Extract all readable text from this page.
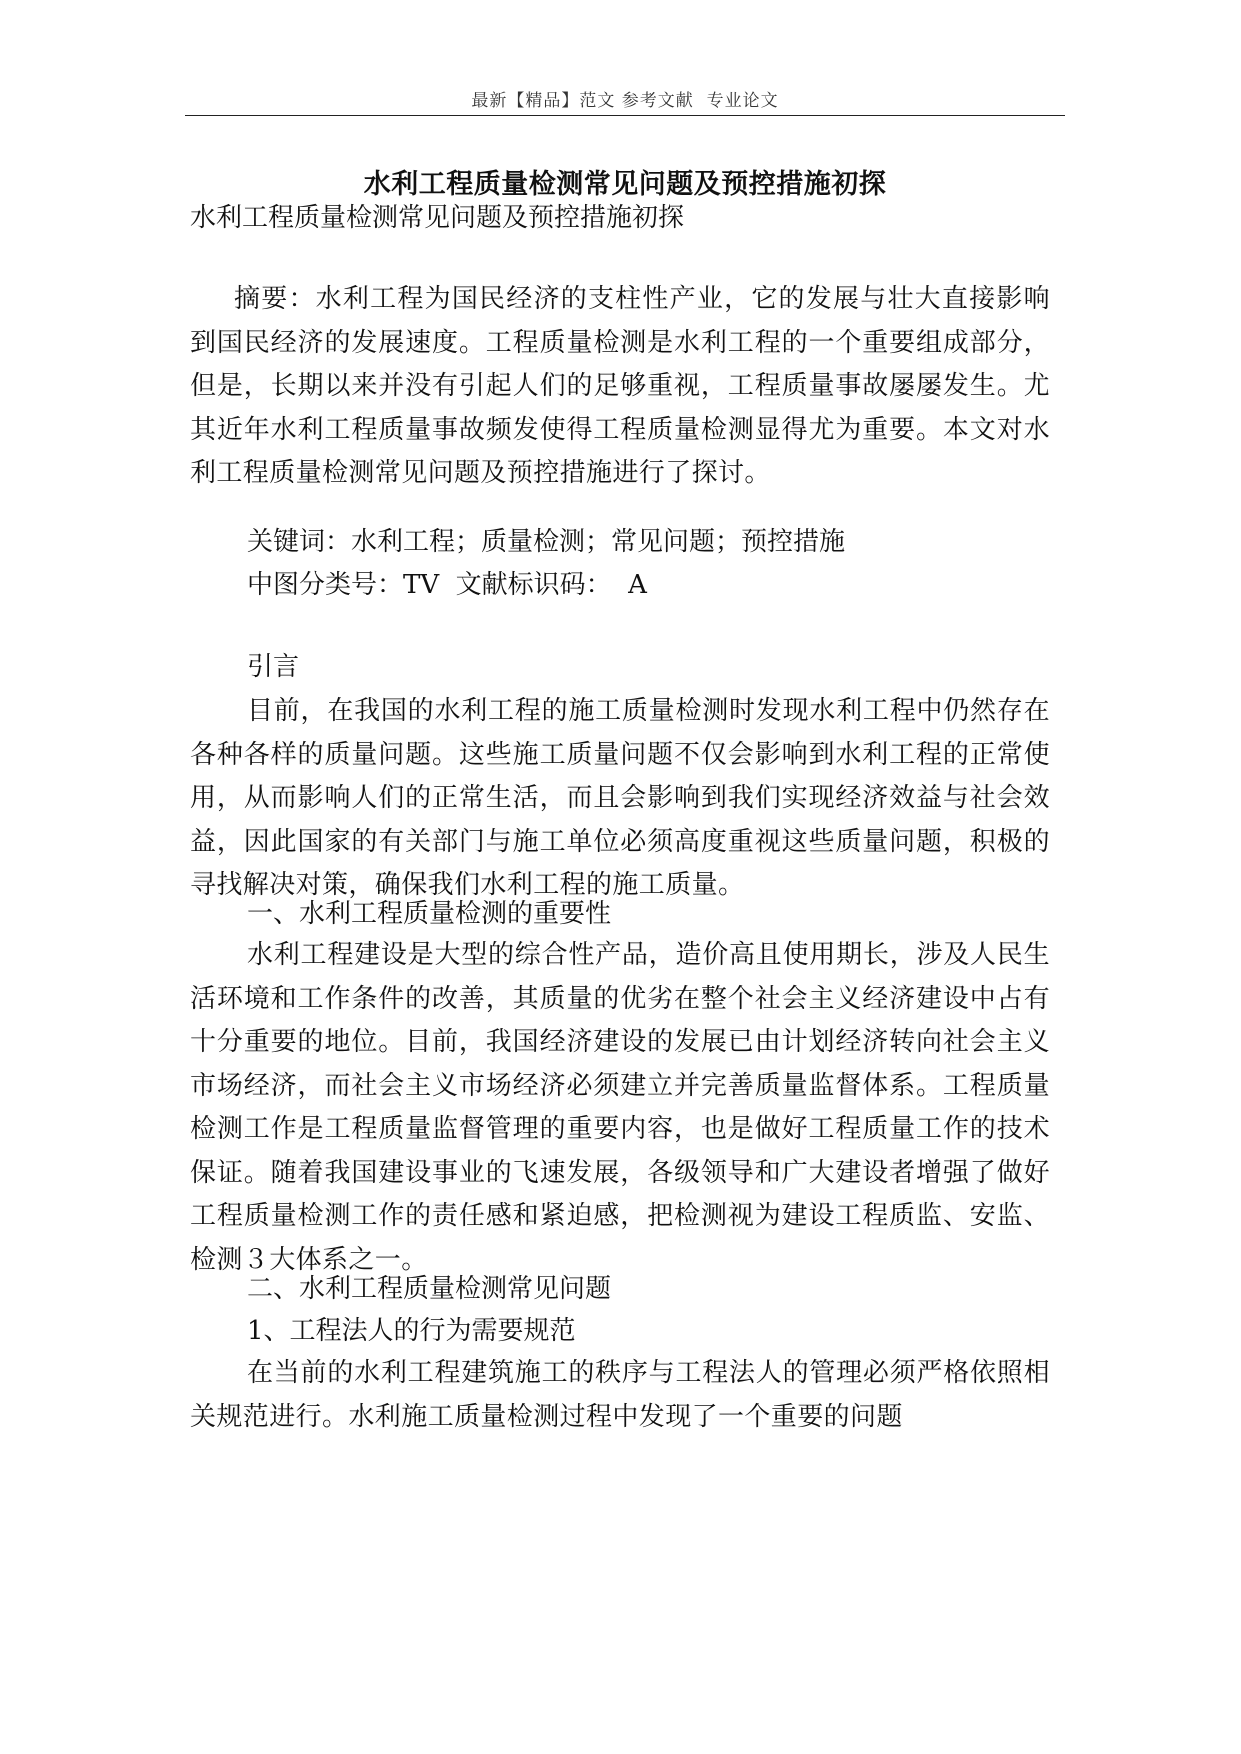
最新【精品】范文 参考文献  专业论文
水利工程质量检测常见问题及预控措施初探
水利工程质量检测常见问题及预控措施初探
摘要：水利工程为国民经济的支柱性产业，它的发展与壮大直接影响到国民经济的发展速度。工程质量检测是水利工程的一个重要组成部分，但是，长期以来并没有引起人们的足够重视，工程质量事故屡屡发生。尤其近年水利工程质量事故频发使得工程质量检测显得尤为重要。本文对水利工程质量检测常见问题及预控措施进行了探讨。
关键词：水利工程；质量检测；常见问题；预控措施
中图分类号：TV  文献标识码：  A
引言
目前，在我国的水利工程的施工质量检测时发现水利工程中仍然存在各种各样的质量问题。这些施工质量问题不仅会影响到水利工程的正常使用，从而影响人们的正常生活，而且会影响到我们实现经济效益与社会效益，因此国家的有关部门与施工单位必须高度重视这些质量问题，积极的寻找解决对策，确保我们水利工程的施工质量。
一、水利工程质量检测的重要性
水利工程建设是大型的综合性产品，造价高且使用期长，涉及人民生活环境和工作条件的改善，其质量的优劣在整个社会主义经济建设中占有十分重要的地位。目前，我国经济建设的发展已由计划经济转向社会主义市场经济，而社会主义市场经济必须建立并完善质量监督体系。工程质量检测工作是工程质量监督管理的重要内容，也是做好工程质量工作的技术保证。随着我国建设事业的飞速发展，各级领导和广大建设者增强了做好工程质量检测工作的责任感和紧迫感，把检测视为建设工程质监、安监、检测３大体系之一。
二、水利工程质量检测常见问题
1、工程法人的行为需要规范
在当前的水利工程建筑施工的秩序与工程法人的管理必须严格依照相关规范进行。水利施工质量检测过程中发现了一个重要的问题
